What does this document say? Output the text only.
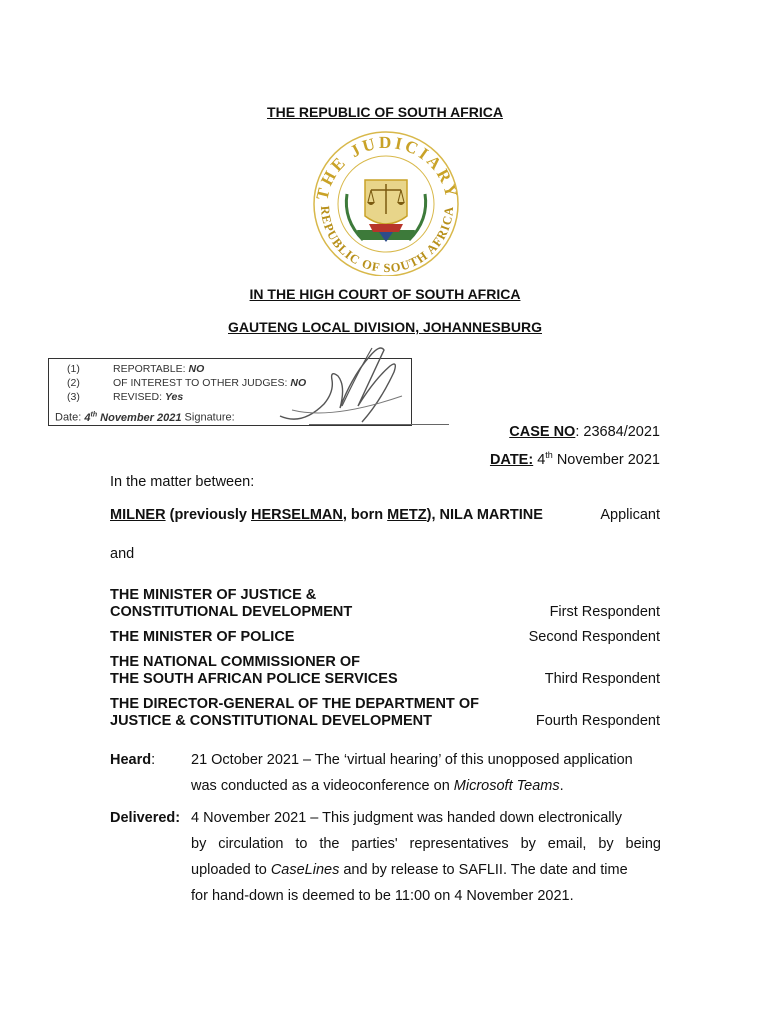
THE REPUBLIC OF SOUTH AFRICA
THE JUDICIARY
REPUBLIC OF SOUTH AFRICA
IN THE HIGH COURT OF SOUTH AFRICA
GAUTENG LOCAL DIVISION, JOHANNESBURG
(1)	REPORTABLE: NO
(2)	OF INTEREST TO OTHER JUDGES: NO
(3)	REVISED: Yes
Date: 4th November 2021 Signature:
CASE NO: 23684/2021
DATE: 4th November 2021
In the matter between:
MILNER (previously HERSELMAN, born METZ), NILA MARTINE	Applicant
and
THE MINISTER OF JUSTICE &
CONSTITUTIONAL DEVELOPMENT	First Respondent
THE MINISTER OF POLICE	Second Respondent
THE NATIONAL COMMISSIONER OF
THE SOUTH AFRICAN POLICE SERVICES	Third Respondent
THE DIRECTOR-GENERAL OF THE DEPARTMENT OF
JUSTICE & CONSTITUTIONAL DEVELOPMENT	Fourth Respondent
Heard: 21 October 2021 – The ‘virtual hearing’ of this unopposed application
was conducted as a videoconference on Microsoft Teams.
Delivered: 4 November 2021 – This judgment was handed down electronically
by circulation to the parties' representatives by email, by being
uploaded to CaseLines and by release to SAFLII. The date and time
for hand-down is deemed to be 11:00 on 4 November 2021.
